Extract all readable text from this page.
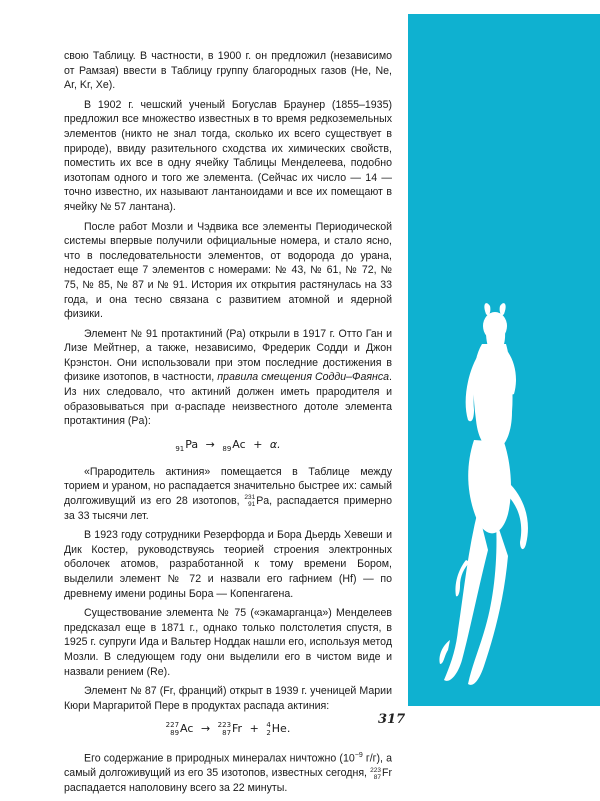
свою Таблицу. В частности, в 1900 г. он предложил (независимо от Рамзая) ввести в Таблицу группу благородных газов (He, Ne, Ar, Kr, Xe).

В 1902 г. чешский ученый Богуслав Браунер (1855–1935) предложил все множество известных в то время редкоземельных элементов (никто не знал тогда, сколько их всего существует в природе), ввиду разительного сходства их химических свойств, поместить их все в одну ячейку Таблицы Менделеева, подобно изотопам одного и того же элемента. (Сейчас их число — 14 — точно известно, их называют лантаноидами и все их помещают в ячейку № 57 лантана).

После работ Мозли и Чэдвика все элементы Периодической системы впервые получили официальные номера, и стало ясно, что в последовательности элементов, от водорода до урана, недостает еще 7 элементов с номерами: № 43, № 61, № 72, № 75, № 85, № 87 и № 91. История их открытия растянулась на 33 года, и она тесно связана с развитием атомной и ядерной физики.

Элемент № 91 протактиний (Pa) открыли в 1917 г. Отто Ган и Лизе Мейтнер, а также, независимо, Фредерик Содди и Джон Крэнстон. Они использовали при этом последние достижения в физике изотопов, в частности, правила смещения Содди–Фаянса. Из них следовало, что актиний должен иметь прародителя и образовываться при α-распаде неизвестного дотоле элемента протактиния (Pa):

91 Pa →
89 Ac + α.

«Прародитель актиния» помещается в Таблице между торием и ураном, но распадается значительно быстрее их: самый долгоживущий из его 28 изотопов, 231
91 Pa, распадается примерно за 33 тысячи лет.

В 1923 году сотрудники Резерфорда и Бора Дьердь Хевеши и Дик Костер, руководствуясь теорией строения электронных оболочек атомов, разработанной к тому времени Бором, выделили элемент № 72 и назвали его гафнием (Hf) — по древнему имени родины Бора — Копенгагена.

Существование элемента № 75 («экамарганца») Менделеев предсказал еще в 1871 г., однако только полстолетия спустя, в 1925 г. супруги Ида и Вальтер Ноддак нашли его, используя метод Мозли. В следующем году они выделили его в чистом виде и назвали рением (Re).

Элемент № 87 (Fr, франций) открыт в 1939 г. ученицей Марии Кюри Маргаритой Пере в продуктах распада актиния:

227
89 Ac → 223
87 Fr + 4
2 He.

Его содержание в природных минералах ничтожно ($10^{-9}$ г/г), а самый долгоживущий из его 35 изотопов, известных сегодня, 223
87 Fr распадается наполовину всего за 22 минуты.

317
